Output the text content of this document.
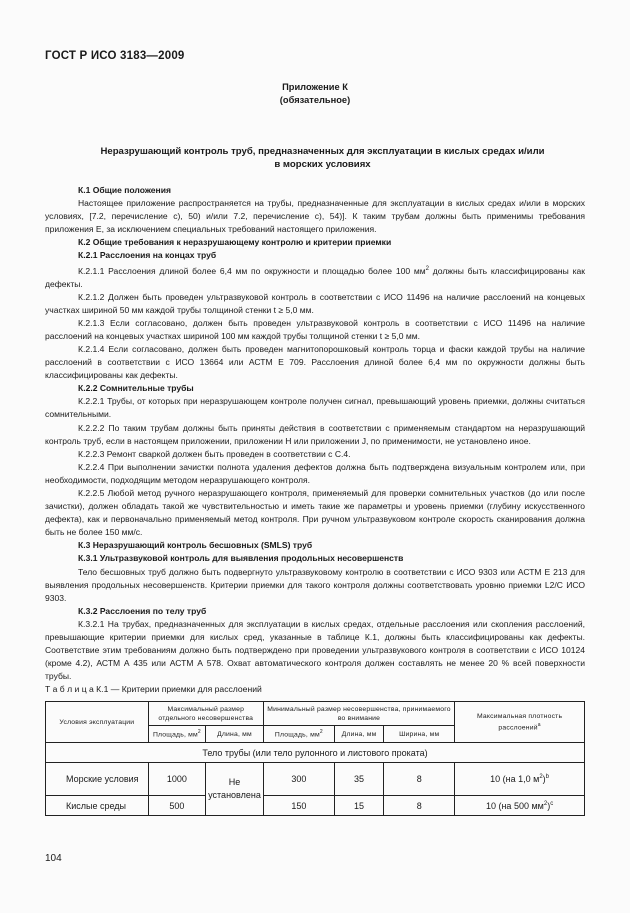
ГОСТ Р ИСО 3183—2009
Приложение К
(обязательное)
Неразрушающий контроль труб, предназначенных для эксплуатации в кислых средах и/или
в морских условиях

К.1 Общие положения

Настоящее приложение распространяется на трубы, предназначенные для эксплуатации в кислых средах и/или в морских условиях, [7.2, перечисление с), 50) и/или 7.2, перечисление с), 54)]. К таким трубам должны быть применимы требования приложения Е, за исключением специальных требований настоящего приложения.

К.2 Общие требования к неразрушающему контролю и критерии приемки

К.2.1 Расслоения на концах труб

К.2.1.1 Расслоения длиной более 6,4 мм по окружности и площадью более 100 $мм^2$ должны быть классифицированы как дефекты.

К.2.1.2 Должен быть проведен ультразвуковой контроль в соответствии с ИСО 11496 на наличие расслоений на концевых участках шириной 50 мм каждой трубы толщиной стенки t ≥ 5,0 мм.

К.2.1.3 Если согласовано, должен быть проведен ультразвуковой контроль в соответствии с ИСО 11496 на наличие расслоений на концевых участках шириной 100 мм каждой трубы толщиной стенки t ≥ 5,0 мм.

К.2.1.4 Если согласовано, должен быть проведен магнитопорошковый контроль торца и фаски каждой трубы на наличие расслоений в соответствии с ИСО 13664 или АСТМ Е 709. Расслоения длиной более 6,4 мм по окружности должны быть классифицированы как дефекты.

К.2.2 Сомнительные трубы

К.2.2.1 Трубы, от которых при неразрушающем контроле получен сигнал, превышающий уровень приемки, должны считаться сомнительными.

К.2.2.2 По таким трубам должны быть приняты действия в соответствии с применяемым стандартом на неразрушающий контроль труб, если в настоящем приложении, приложении Н или приложении J, по применимости, не установлено иное.

К.2.2.3 Ремонт сваркой должен быть проведен в соответствии с С.4.

К.2.2.4 При выполнении зачистки полнота удаления дефектов должна быть подтверждена визуальным контролем или, при необходимости, подходящим методом неразрушающего контроля.

К.2.2.5 Любой метод ручного неразрушающего контроля, применяемый для проверки сомнительных участков (до или после зачистки), должен обладать такой же чувствительностью и иметь такие же параметры и уровень приемки (глубину искусственного дефекта), как и первоначально применяемый метод контроля. При ручном ультразвуковом контроле скорость сканирования должна быть не более 150 мм/с.

К.3 Неразрушающий контроль бесшовных (SMLS) труб

К.3.1 Ультразвуковой контроль для выявления продольных несовершенств

Тело бесшовных труб должно быть подвергнуто ультразвуковому контролю в соответствии с ИСО 9303 или АСТМ Е 213 для выявления продольных несовершенств. Критерии приемки для такого контроля должны соответствовать уровню приемки L2/C ИСО 9303.

К.3.2 Расслоения по телу труб

К.3.2.1 На трубах, предназначенных для эксплуатации в кислых средах, отдельные расслоения или скопления расслоений, превышающие критерии приемки для кислых сред, указанные в таблице К.1, должны быть классифицированы как дефекты. Соответствие этим требованиям должно быть подтверждено при проведении ультразвукового контроля в соответствии с ИСО 10124 (кроме 4.2), АСТМ А 435 или АСТМ А 578. Охват автоматического контроля должен составлять не менее 20 % всей поверхности трубы.

Т а б л и ц а К.1 — Критерии приемки для расслоений
Условия эксплуатации	Максимальный размер отдельного несовершенства		Минимальный размер несовершенства, принимаемого во внимание			Максимальная плотность
расслоений$^а$

	Площадь, $мм^2$	Длина, мм	Площадь, $мм^2$	Длина, мм	Ширина, мм	
Тело трубы (или тело рулонного и листового проката)						
Морские условия	1000	Не установлена	300	35	8	10 (на 1,0 $м^2)^b$
Кислые среды	500		150	15	8	10 (на 500 $мм^2)^c$
104
